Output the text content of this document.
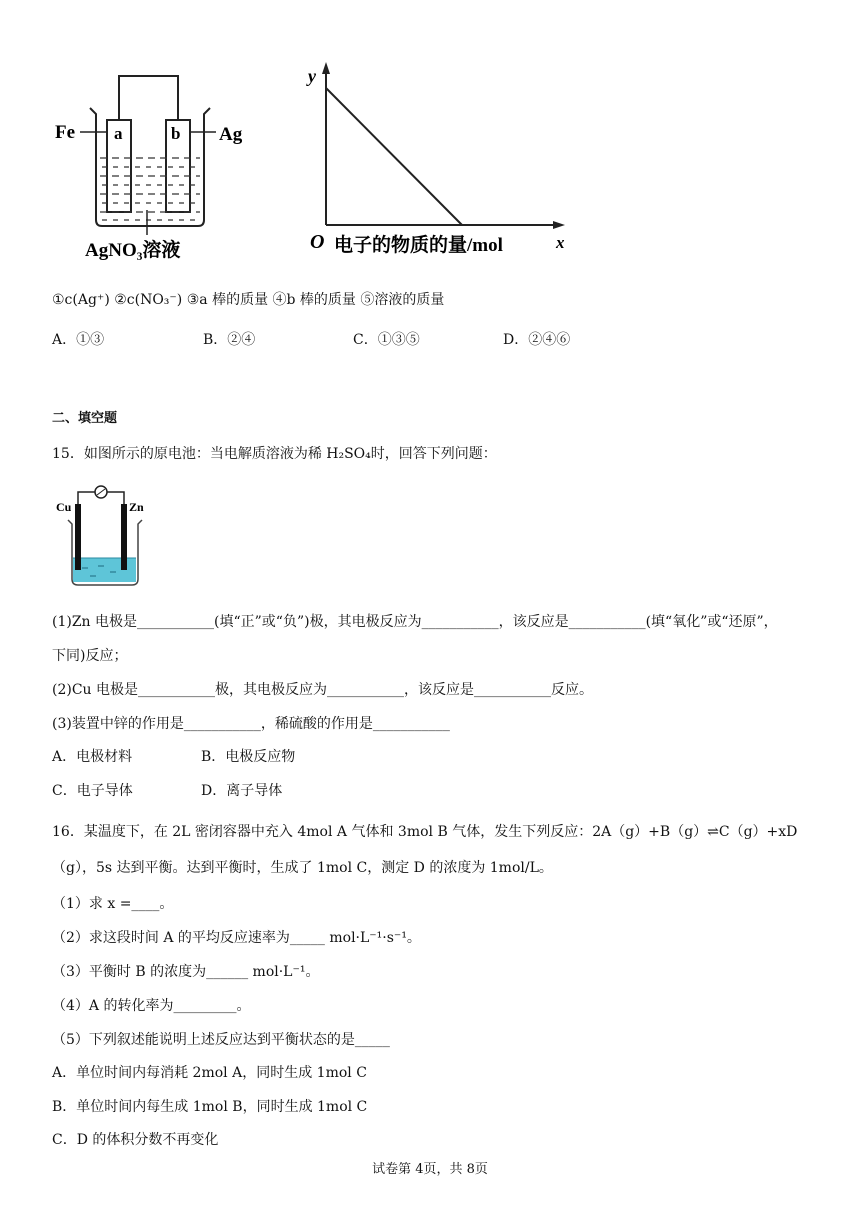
Fe	Ag
a	b
AgNO₃溶液
y
O 电子的物质的量/mol	x
①c(Ag⁺) ②c(NO₃⁻) ③a 棒的质量 ④b 棒的质量 ⑤溶液的质量
A．①③	B．②④	C．①③⑤	D．②④⑥
二、填空题
15．如图所示的原电池：当电解质溶液为稀 H₂SO₄时，回答下列问题：
Cu	Zn
(1)Zn 电极是___________(填“正”或“负”)极，其电极反应为___________，该反应是___________(填“氧化”或“还原”，
下同)反应；
(2)Cu 电极是___________极，其电极反应为___________，该反应是___________反应。
(3)装置中锌的作用是___________，稀硫酸的作用是___________
A．电极材料	B．电极反应物
C．电子导体	D．离子导体
16．某温度下，在 2L 密闭容器中充入 4mol A 气体和 3mol B 气体，发生下列反应：2A（g）+B（g）⇌C（g）+xD
（g），5s 达到平衡。达到平衡时，生成了 1mol C，测定 D 的浓度为 1mol/L。
（1）求 x =____。
（2）求这段时间 A 的平均反应速率为_____ mol·L⁻¹·s⁻¹。
（3）平衡时 B 的浓度为______ mol·L⁻¹。
（4）A 的转化率为_________。
（5）下列叙述能说明上述反应达到平衡状态的是_____
A．单位时间内每消耗 2mol A，同时生成 1mol C
B．单位时间内每生成 1mol B，同时生成 1mol C
C．D 的体积分数不再变化
试卷第 4页，共 8页
